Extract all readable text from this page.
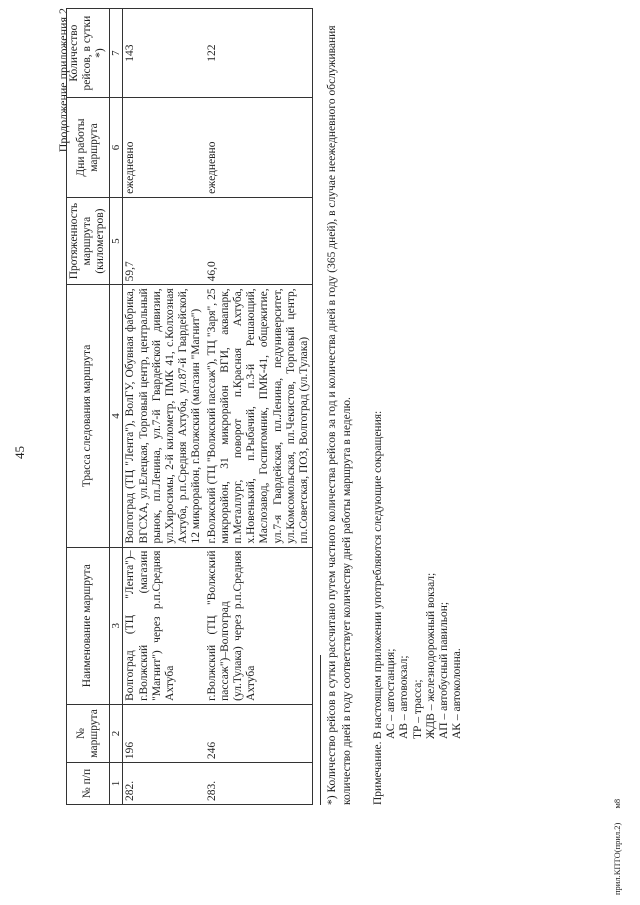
45
Продолжение приложения 2
№ п/п	№ маршрута	Наименование маршрута	Трасса следования маршрута	Протяженность маршрута (километров)	Дни работы маршрута	Количество рейсов, в сутки *)
1	2	3	4	5	6	7
282.	196	Волгоград (ТЦ "Лента")–г.Волжский (магазин "Магнит") через р.п.Средняя Ахтуба	Волгоград (ТЦ "Лента"), ВолГУ, Обувная фабрика, ВГСХА, ул.Елецкая, Торговый центр, центральный рынок, пл.Ленина, ул.7-й Гвардейской дивизии, ул.Хиросимы, 2-й километр, ПМК 41, с.Колхозная Ахтуба, р.п.Средняя Ахтуба, ул.87-й Гвардейской, 12 микрорайон, г.Волжский (магазин "Магнит")	59,7	ежедневно	143
283.	246	г.Волжский (ТЦ "Волжский пассаж")–Волгоград (ул.Тулака) через р.п.Средняя Ахтуба	г.Волжский (ТЦ "Волжский пассаж"), ТЦ "Заря", 25 микрорайон, 31 микрорайон ВГИ, аквапарк, п.Металлург, поворот п.Красная Ахтуба, х.Новенький, п.Рыбачий, п.3-й Решающий, Маслозавод, Госпитомник, ПМК-41, общежитие, ул.7-я Гвардейская, пл.Ленина, педуниверситет, ул.Комсомольская, пл.Чекистов, Торговый центр, пл.Советская, ПОЗ, Волгоград (ул.Тулака)	46,0	ежедневно	122	*) Количество рейсов в сутки рассчитано путем частного количества рейсов за год и количества дней в году (365 дней), в случае неежедневного обслуживания количество дней в году соответствует количеству дней работы маршрута в неделю. Примечание.
В настоящем приложении употребляются следующие сокращения: АС – автостанция; АВ – автовокзал; ТР – трасса; ЖДВ – железнодорожный вокзал; АП – автобусный павильон; АК – автоколонна.
прил.КПТО(прил.2) м8
